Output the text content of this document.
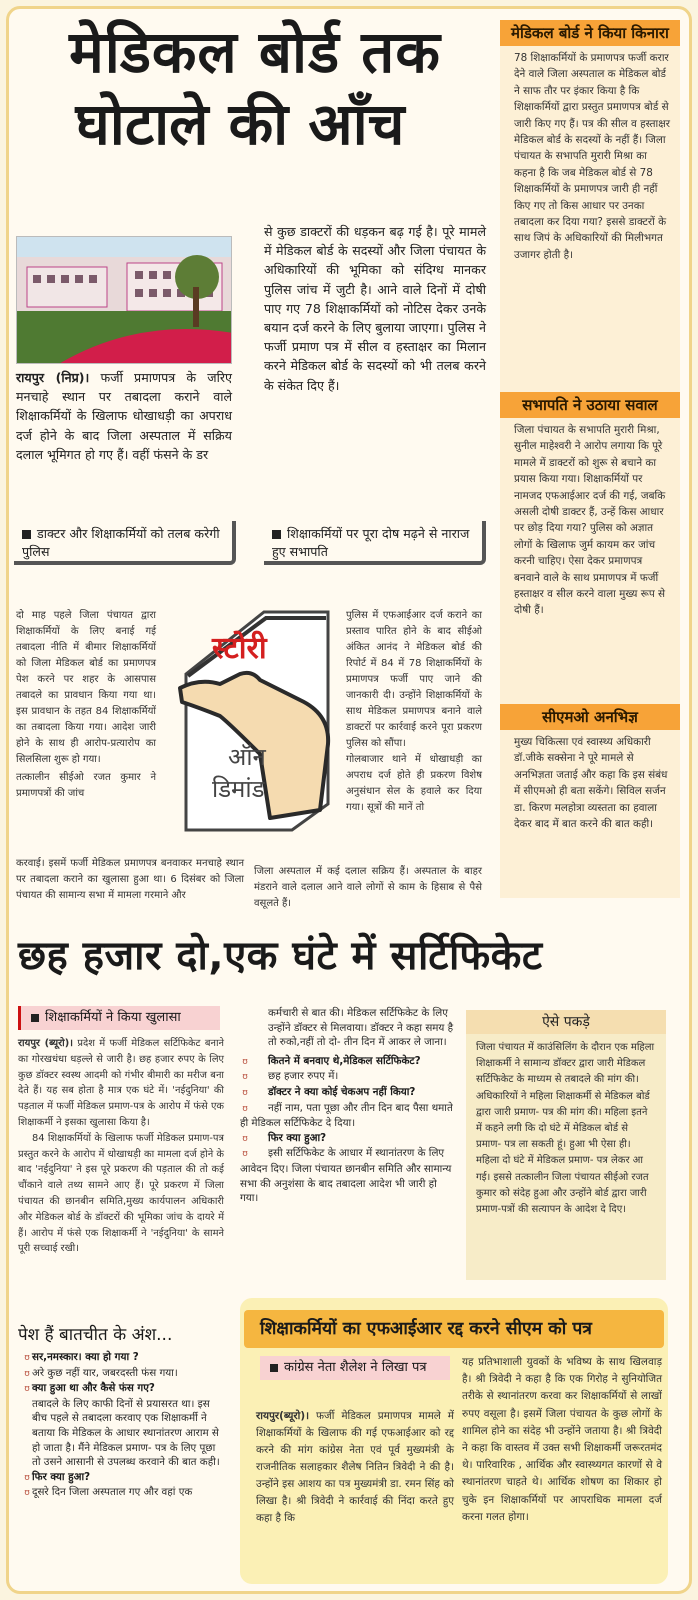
मेडिकल बोर्ड तक
घोटाले की आँच
रायपुर (निप्र)। फर्जी प्रमाणपत्र के जरिए मनचाहे स्थान पर तबादला कराने वाले शिक्षाकर्मियों के खिलाफ धोखाधड़ी का अपराध दर्ज होने के बाद जिला अस्पताल में सक्रिय दलाल भूमिगत हो गए हैं। वहीं फंसने के डर
से कुछ डाक्टरों की धड़कन बढ़ गई है। पूरे मामले में मेडिकल बोर्ड के सदस्यों और जिला पंचायत के अधिकारियों की भूमिका को संदिग्ध मानकर पुलिस जांच में जुटी है। आने वाले दिनों में दोषी पाए गए 78 शिक्षाकर्मियों को नोटिस देकर उनके बयान दर्ज करने के लिए बुलाया जाएगा। पुलिस ने फर्जी प्रमाण पत्र में सील व हस्ताक्षर का मिलान करने मेडिकल बोर्ड के सदस्यों को भी तलब करने के संकेत दिए हैं।
डाक्टर और शिक्षाकर्मियों को तलब करेगी पुलिस
शिक्षाकर्मियों पर पूरा दोष मढ़ने से नाराज हुए सभापति
स्टोरी
ऑन
डिमांड
दो माह पहले जिला पंचायत द्वारा शिक्षाकर्मियों के लिए बनाई गई तबादला नीति में बीमार शिक्षाकर्मियों को जिला मेडिकल बोर्ड का प्रमाणपत्र पेश करने पर शहर के आसपास तबादले का प्रावधान किया गया था। इस प्रावधान के तहत 84 शिक्षाकर्मियों का तबादला किया गया। आदेश जारी होने के साथ ही आरोप-प्रत्यारोप का सिलसिला शुरू हो गया।
तत्कालीन सीईओ रजत कुमार ने प्रमाणपत्रों की जांच
करवाई। इसमें फर्जी मेडिकल प्रमाणपत्र बनवाकर मनचाहे स्थान पर तबादला कराने का खुलासा हुआ था। 6 दिसंबर को जिला पंचायत की सामान्य सभा में मामला गरमाने और
पुलिस में एफआईआर दर्ज कराने का प्रस्ताव पारित होने के बाद सीईओ अंकित आनंद ने मेडिकल बोर्ड की रिपोर्ट में 84 में 78 शिक्षाकर्मियों के प्रमाणपत्र फर्जी पाए जाने की जानकारी दी। उन्होंने शिक्षाकर्मियों के साथ मेडिकल प्रमाणपत्र बनाने वाले डाक्टरों पर कार्रवाई करने पूरा प्रकरण पुलिस को सौंपा।
गोलबाजार थाने में धोखाधड़ी का अपराध दर्ज होते ही प्रकरण विशेष अनुसंधान सेल के हवाले कर दिया गया। सूत्रों की मानें तो
जिला अस्पताल में कई दलाल सक्रिय हैं। अस्पताल के बाहर मंडराने वाले दलाल आने वाले लोगों से काम के हिसाब से पैसे वसूलते हैं।
मेडिकल बोर्ड ने किया किनारा
78 शिक्षाकर्मियों के प्रमाणपत्र फर्जी करार देने वाले जिला अस्पताल क मेडिकल बोर्ड ने साफ तौर पर इंकार किया है कि शिक्षाकर्मियों द्वारा प्रस्तुत प्रमाणपत्र बोर्ड से जारी किए गए हैं। पत्र की सील व हस्ताक्षर मेडिकल बोर्ड के सदस्यों के नहीं हैं। जिला पंचायत के सभापति मुरारी मिश्रा का कहना है कि जब मेडिकल बोर्ड से 78 शिक्षाकर्मियों के प्रमाणपत्र जारी ही नहीं किए गए तो किस आधार पर उनका तबादला कर दिया गया? इससे डाक्टरों के साथ जिपं के अधिकारियों की मिलीभगत उजागर होती है।
सभापति ने उठाया सवाल
जिला पंचायत के सभापति मुरारी मिश्रा, सुनील माहेश्वरी ने आरोप लगाया कि पूरे मामले में डाक्टरों को शुरू से बचाने का प्रयास किया गया। शिक्षाकर्मियों पर नामजद एफआईआर दर्ज की गई, जबकि असली दोषी डाक्टर हैं, उन्हें किस आधार पर छोड़ दिया गया? पुलिस को अज्ञात लोगों के खिलाफ जुर्म कायम कर जांच करनी चाहिए। ऐसा देकर प्रमाणपत्र बनवाने वाले के साथ प्रमाणपत्र में फर्जी हस्ताक्षर व सील करने वाला मुख्य रूप से दोषी हैं।
सीएमओ अनभिज्ञ
मुख्य चिकित्सा एवं स्वास्थ्य अधिकारी डॉ.जीके सक्सेना ने पूरे मामले से अनभिज्ञता जताई और कहा कि इस संबंध में सीएमओ ही बता सकेंगे। सिविल सर्जन डा. किरण मलहोत्रा व्यस्तता का हवाला देकर बाद में बात करने की बात कही।
छह हजार दो,एक घंटे में सर्टिफिकेट
शिक्षाकर्मियों ने किया खुलासा
रायपुर (ब्यूरो)। प्रदेश में फर्जी मेडिकल सर्टिफिकेट बनाने का गोरखधंधा धड़ल्ले से जारी है। छह हजार रुपए के लिए कुछ डॉक्टर स्वस्थ आदमी को गंभीर बीमारी का मरीज बना देते हैं। यह सब होता है मात्र एक घंटे में। 'नईदुनिया' की पड़ताल में फर्जी मेडिकल प्रमाण-पत्र के आरोप में फंसे एक शिक्षाकर्मी ने इसका खुलासा किया है।
84 शिक्षाकर्मियों के खिलाफ फर्जी मेडिकल प्रमाण-पत्र प्रस्तुत करने के आरोप में धोखाधड़ी का मामला दर्ज होने के बाद 'नईदुनिया' ने इस पूरे प्रकरण की पड़ताल की तो कई चौंकाने वाले तथ्य सामने आए हैं। पूरे प्रकरण में जिला पंचायत की छानबीन समिति,मुख्य कार्यपालन अधिकारी और मेडिकल बोर्ड के डॉक्टरों की भूमिका जांच के दायरे में हैं। आरोप में फंसे एक शिक्षाकर्मी ने 'नईदुनिया' के सामने पूरी सच्चाई रखी।
पेश हैं बातचीत के अंश...
ʊ सर,नमस्कार। क्या हो गया ?
ʊ अरे कुछ नहीं यार, जबरदस्ती फंस गया।
ʊ क्या हुआ था और कैसे फंस गए?
तबादले के लिए काफी दिनों से प्रयासरत था। इस बीच पहले से तबादला करवाए एक शिक्षाकर्मी ने बताया कि मेडिकल के आधार स्थानांतरण आराम से हो जाता है। मैंने मेडिकल प्रमाण- पत्र के लिए पूछा तो उसने आसानी से उपलब्ध करवाने की बात कही।
ʊ फिर क्या हुआ?
ʊ दूसरे दिन जिला अस्पताल गए और वहां एक
कर्मचारी से बात की। मेडिकल सर्टिफिकेट के लिए उन्होंने डॉक्टर से मिलवाया। डॉक्टर ने कहा समय है तो रुको,नहीं तो दो- तीन दिन में आकर ले जाना।
ʊ कितने में बनवाए थे,मेडिकल सर्टिफिकेट?
ʊ छह हजार रुपए में।
ʊ डॉक्टर ने क्या कोई चेकअप नहीं किया?
ʊ नहीं नाम, पता पूछा और तीन दिन बाद पैसा थमाते ही मेडिकल सर्टिफिकेट दे दिया।
ʊ फिर क्या हुआ?
ʊ इसी सर्टिफिकेट के आधार में स्थानांतरण के लिए आवेदन दिए। जिला पंचायत छानबीन समिति और सामान्य सभा की अनुशंसा के बाद तबादला आदेश भी जारी हो गया।
ऐसे पकड़े
जिला पंचायत में काउंसिलिंग के दौरान एक महिला शिक्षाकर्मी ने सामान्य डॉक्टर द्वारा जारी मेडिकल सर्टिफिकेट के माध्यम से तबादले की मांग की। अधिकारियों ने महिला शिक्षाकर्मी से मेडिकल बोर्ड द्वारा जारी प्रमाण- पत्र की मांग की। महिला इतने में कहने लगी कि दो घंटे में मेडिकल बोर्ड से प्रमाण- पत्र ला सकती हूं। हुआ भी ऐसा ही। महिला दो घंटे में मेडिकल प्रमाण- पत्र लेकर आ गई। इससे तत्कालीन जिला पंचायत सीईओ रजत कुमार को संदेह हुआ और उन्होंने बोर्ड द्वारा जारी प्रमाण-पत्रों की सत्यापन के आदेश दे दिए।
शिक्षाकर्मियों का एफआईआर रद्द करने सीएम को पत्र
कांग्रेस नेता शैलेश ने लिखा पत्र
रायपुर(ब्यूरो)। फर्जी मेडिकल प्रमाणपत्र मामले में शिक्षाकर्मियों के खिलाफ की गई एफआईआर को रद्द करने की मांग कांग्रेस नेता एवं पूर्व मुख्यमंत्री के राजनीतिक सलाहकार शैलेष नितिन त्रिवेदी ने की है। उन्होंने इस आशय का पत्र मुख्यमंत्री डा. रमन सिंह को लिखा है। श्री त्रिवेदी ने कार्रवाई की निंदा करते हुए कहा है कि
यह प्रतिभाशाली युवकों के भविष्य के साथ खिलवाड़ है। श्री त्रिवेदी ने कहा है कि एक गिरोह ने सुनियोजित तरीके से स्थानांतरण करवा कर शिक्षाकर्मियों से लाखों रुपए वसूला है। इसमें जिला पंचायत के कुछ लोगों के शामिल होने का संदेह भी उन्होंने जताया है। श्री त्रिवेदी ने कहा कि वास्तव में उक्त सभी शिक्षाकर्मी जरूरतमंद थे। पारिवारिक , आर्थिक और स्वास्थ्यगत कारणों से वे स्थानांतरण चाहते थे। आर्थिक शोषण का शिकार हो चुके इन शिक्षाकर्मियों पर आपराधिक मामला दर्ज करना गलत होगा।
